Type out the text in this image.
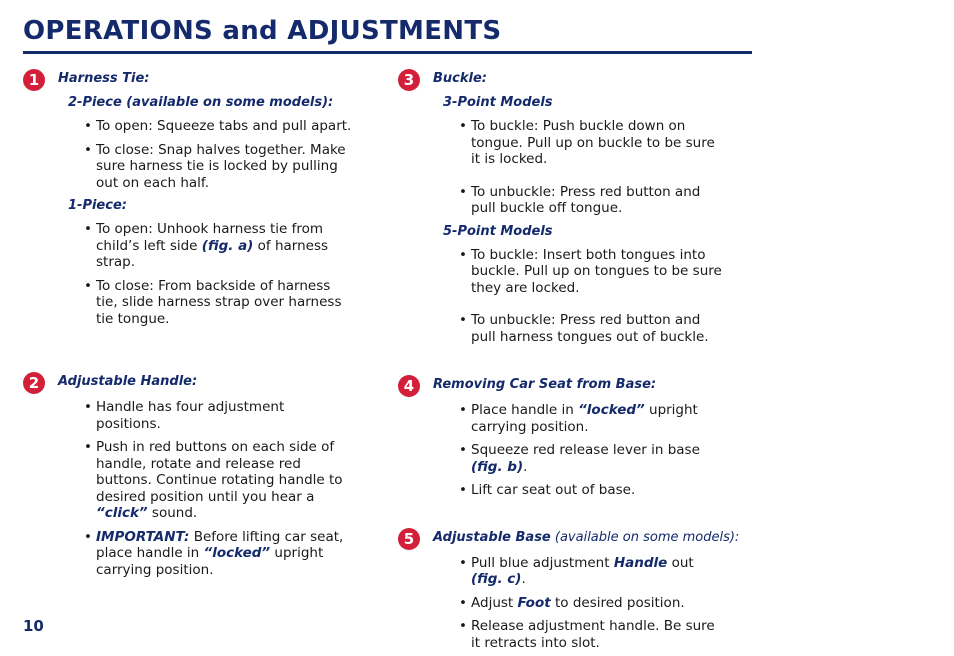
OPERATIONS and ADJUSTMENTS
1	Harness Tie:
2-Piece (available on some models):
• To open: Squeeze tabs and pull apart.
• To close: Snap halves together. Make sure harness tie is locked by pulling out on each half.
1-Piece:
• To open: Unhook harness tie from child’s left side (fig. a) of harness strap.
• To close: From backside of harness tie, slide harness strap over harness tie tongue.
2	Adjustable Handle:
• Handle has four adjustment positions.
• Push in red buttons on each side of handle, rotate and release red buttons. Continue rotating handle to desired position until you hear a “click” sound.
• IMPORTANT: Before lifting car seat, place handle in “locked” upright carrying position.
3	Buckle:
3-Point Models
• To buckle: Push buckle down on tongue. Pull up on buckle to be sure it is locked.
• To unbuckle: Press red button and pull buckle off tongue.
5-Point Models
• To buckle: Insert both tongues into buckle. Pull up on tongues to be sure they are locked.
• To unbuckle: Press red button and pull harness tongues out of buckle.
4	Removing Car Seat from Base:
• Place handle in “locked” upright carrying position.
• Squeeze red release lever in base (fig. b).
• Lift car seat out of base.
5	Adjustable Base (available on some models):
• Pull blue adjustment Handle out (fig. c).
• Adjust Foot to desired position.
• Release adjustment handle. Be sure it retracts into slot.
10
